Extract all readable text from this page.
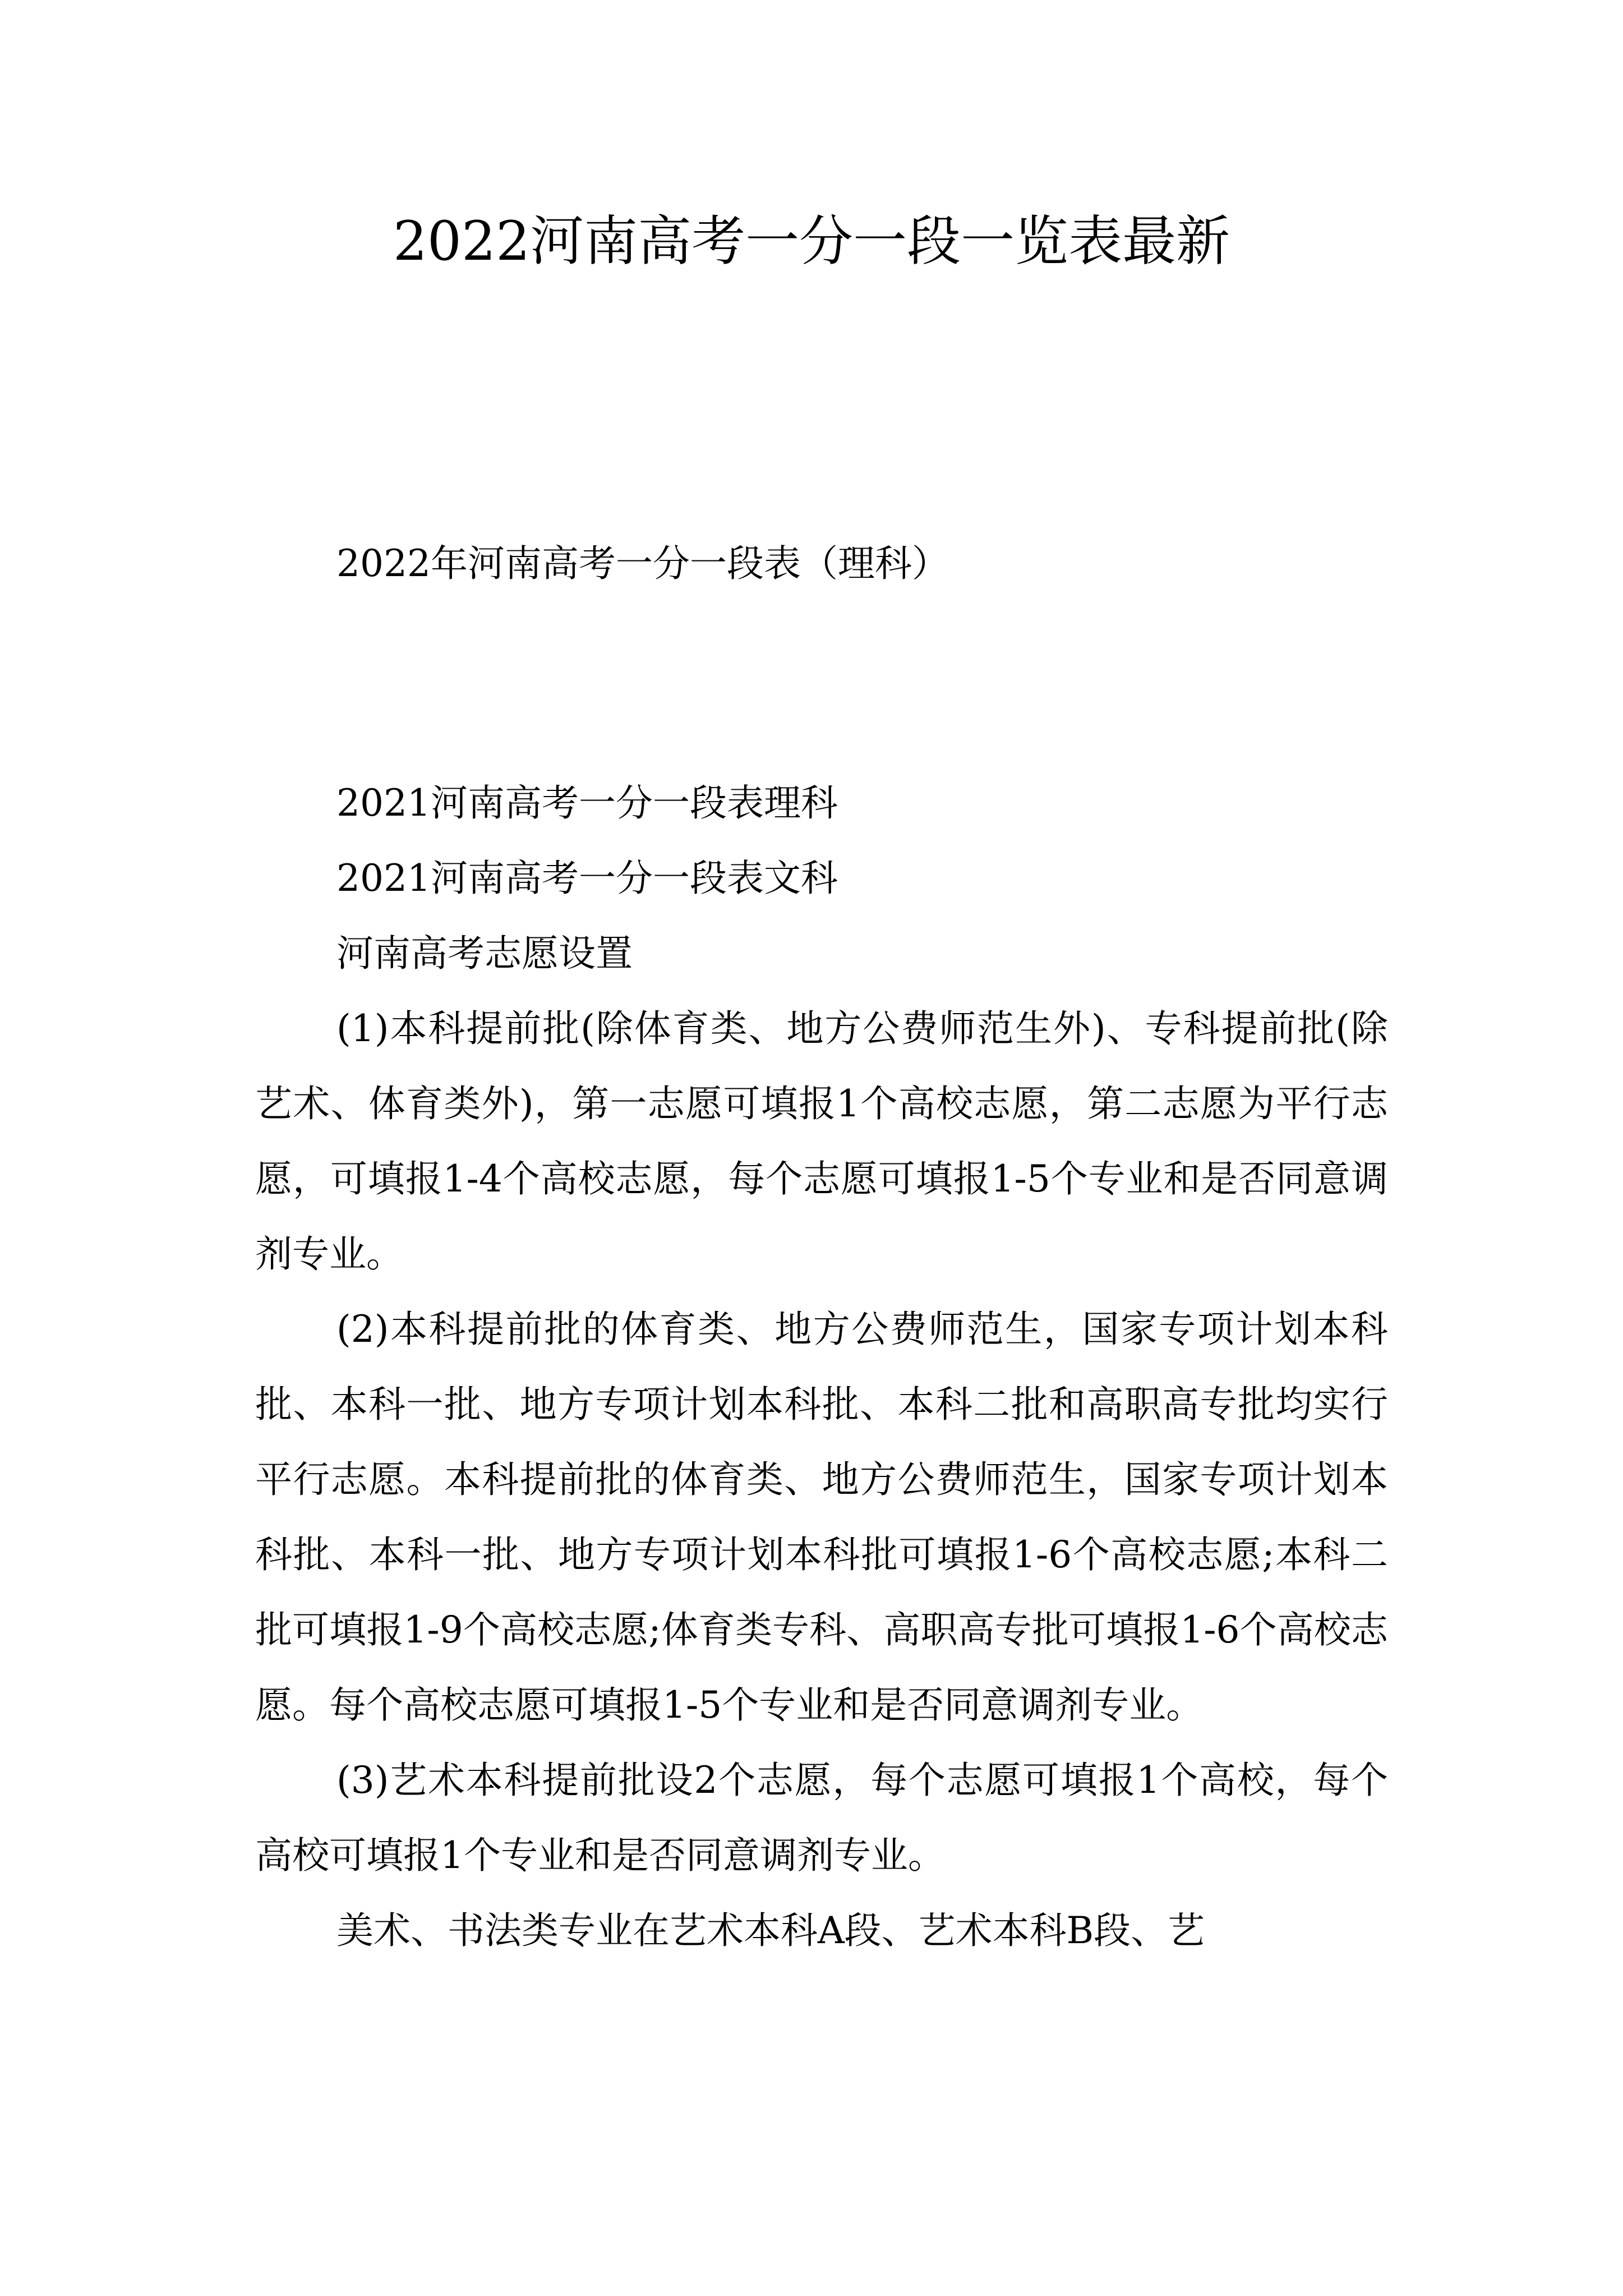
2022河南高考一分一段一览表最新
2022年河南高考一分一段表（理科）

2021河南高考一分一段表理科

2021河南高考一分一段表文科

河南高考志愿设置

(1)本科提前批(除体育类、地方公费师范生外)、专科提前批(除艺术、体育类外)，第一志愿可填报1个高校志愿，第二志愿为平行志愿，可填报1-4个高校志愿，每个志愿可填报1-5个专业和是否同意调剂专业。

(2)本科提前批的体育类、地方公费师范生，国家专项计划本科批、本科一批、地方专项计划本科批、本科二批和高职高专批均实行平行志愿。本科提前批的体育类、地方公费师范生，国家专项计划本科批、本科一批、地方专项计划本科批可填报1-6个高校志愿;本科二批可填报1-9个高校志愿;体育类专科、高职高专批可填报1-6个高校志愿。每个高校志愿可填报1-5个专业和是否同意调剂专业。

(3)艺术本科提前批设2个志愿，每个志愿可填报1个高校，每个高校可填报1个专业和是否同意调剂专业。

美术、书法类专业在艺术本科A段、艺术本科B段、艺
